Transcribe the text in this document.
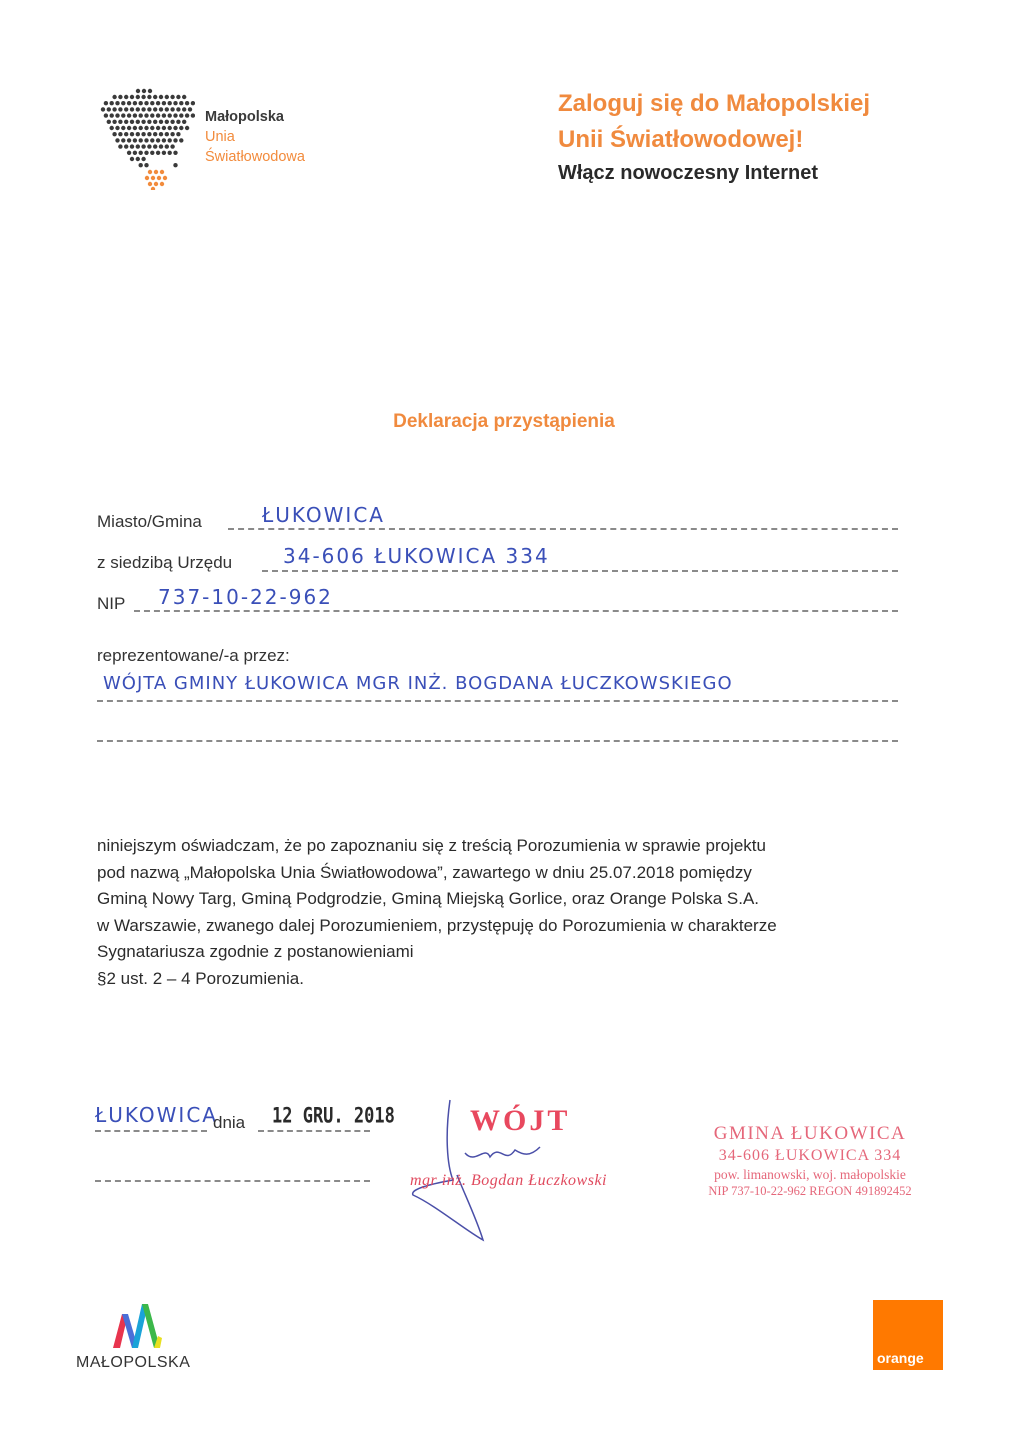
Małopolska
Unia
Światłowodowa
Zaloguj się do Małopolskiej
Unii Światłowodowej!
Włącz nowoczesny Internet
Deklaracja przystąpienia
Miasto/Gmina	ŁUKOWICA
z siedzibą Urzędu	34-606 ŁUKOWICA 334
NIP 737-10-22-962
reprezentowane/-a przez:
WÓJTA GMINY ŁUKOWICA MGR INŻ. BOGDANA ŁUCZKOWSKIEGO

niniejszym oświadczam, że po zapoznaniu się z treścią Porozumienia w sprawie projektu

pod nazwą „Małopolska Unia Światłowodowa”, zawartego w dniu 25.07.2018 pomiędzy

Gminą Nowy Targ, Gminą Podgrodzie, Gminą Miejską Gorlice, oraz Orange Polska S.A.

w Warszawie, zwanego dalej Porozumieniem, przystępuję do Porozumienia w charakterze

Sygnatariusza zgodnie z postanowieniami

§2 ust. 2 – 4 Porozumienia.

ŁUKOWICA
dnia 12 GRU. 2018	WÓJT
mgr inż. Bogdan Łuczkowski
GMINA ŁUKOWICA
34-606 ŁUKOWICA 334
pow. limanowski, woj. małopolskie
NIP 737-10-22-962 REGON 491892452
MAŁOPOLSKA	orange
